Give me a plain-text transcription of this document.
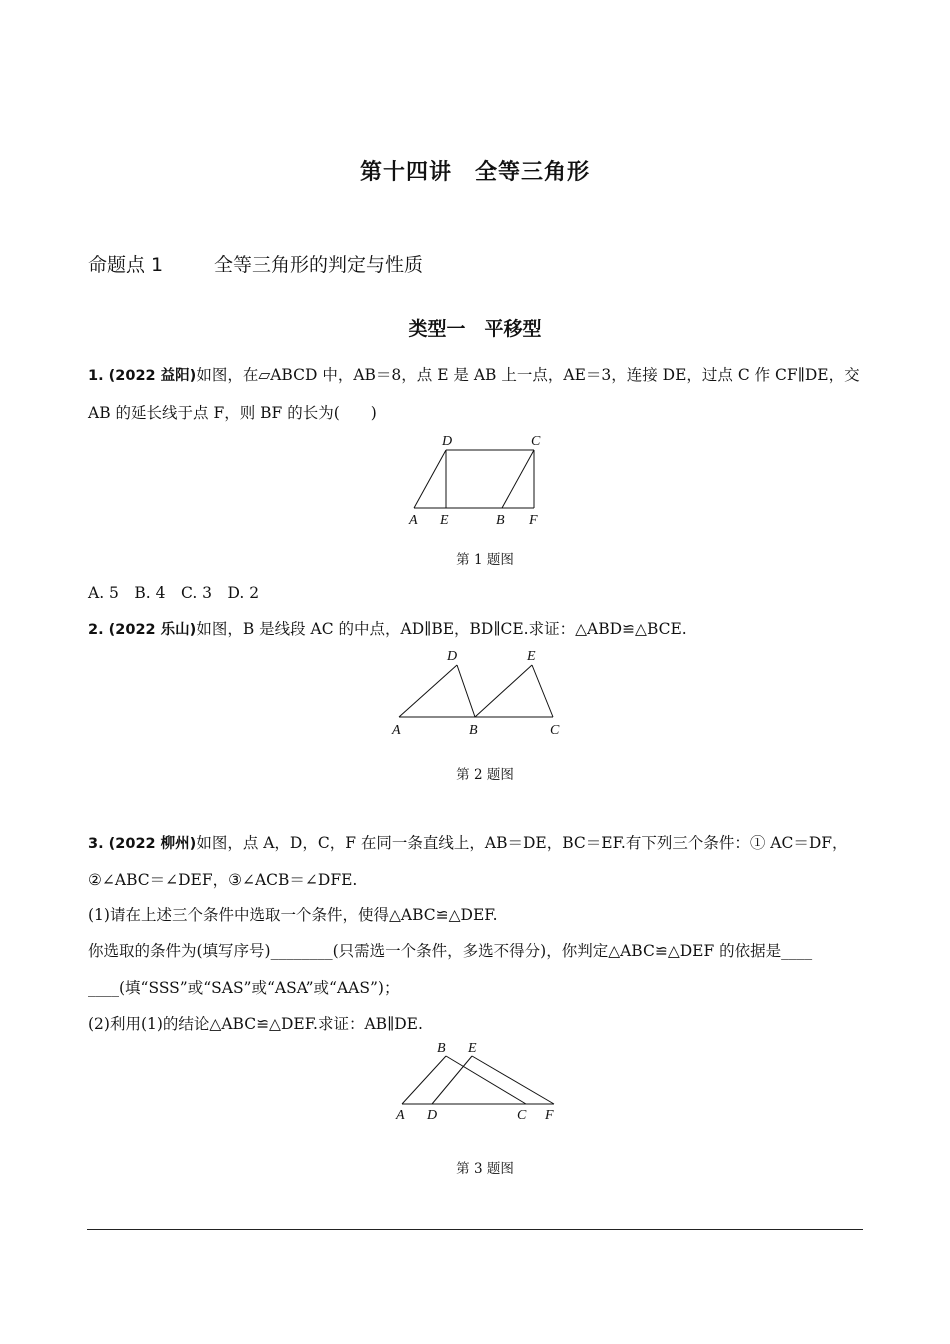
第十四讲　全等三角形
命题点 1	全等三角形的判定与性质
类型一　平移型
1. (2022 益阳)如图，在▱ABCD 中，AB＝8，点 E 是 AB 上一点，AE＝3，连接 DE，过点 C 作 CF∥DE，交
AB 的延长线于点 F，则 BF 的长为(　　)
A E	B F
D	C
第 1 题图
A. 5　B. 4　C. 3　D. 2
2. (2022 乐山)如图，B 是线段 AC 的中点，AD∥BE，BD∥CE.求证：△ABD≌△BCE.
A	B	C
D	E
第 2 题图
3. (2022 柳州)如图，点 A，D，C，F 在同一条直线上，AB＝DE，BC＝EF.有下列三个条件：① AC＝DF，
②∠ABC＝∠DEF，③∠ACB＝∠DFE.
(1)请在上述三个条件中选取一个条件，使得△ABC≌△DEF.
你选取的条件为(填写序号)________(只需选一个条件，多选不得分)，你判定△ABC≌△DEF 的依据是____
____(填“SSS”或“SAS”或“ASA”或“AAS”)；
(2)利用(1)的结论△ABC≌△DEF.求证：AB∥DE.
A D	C F
B E
第 3 题图
